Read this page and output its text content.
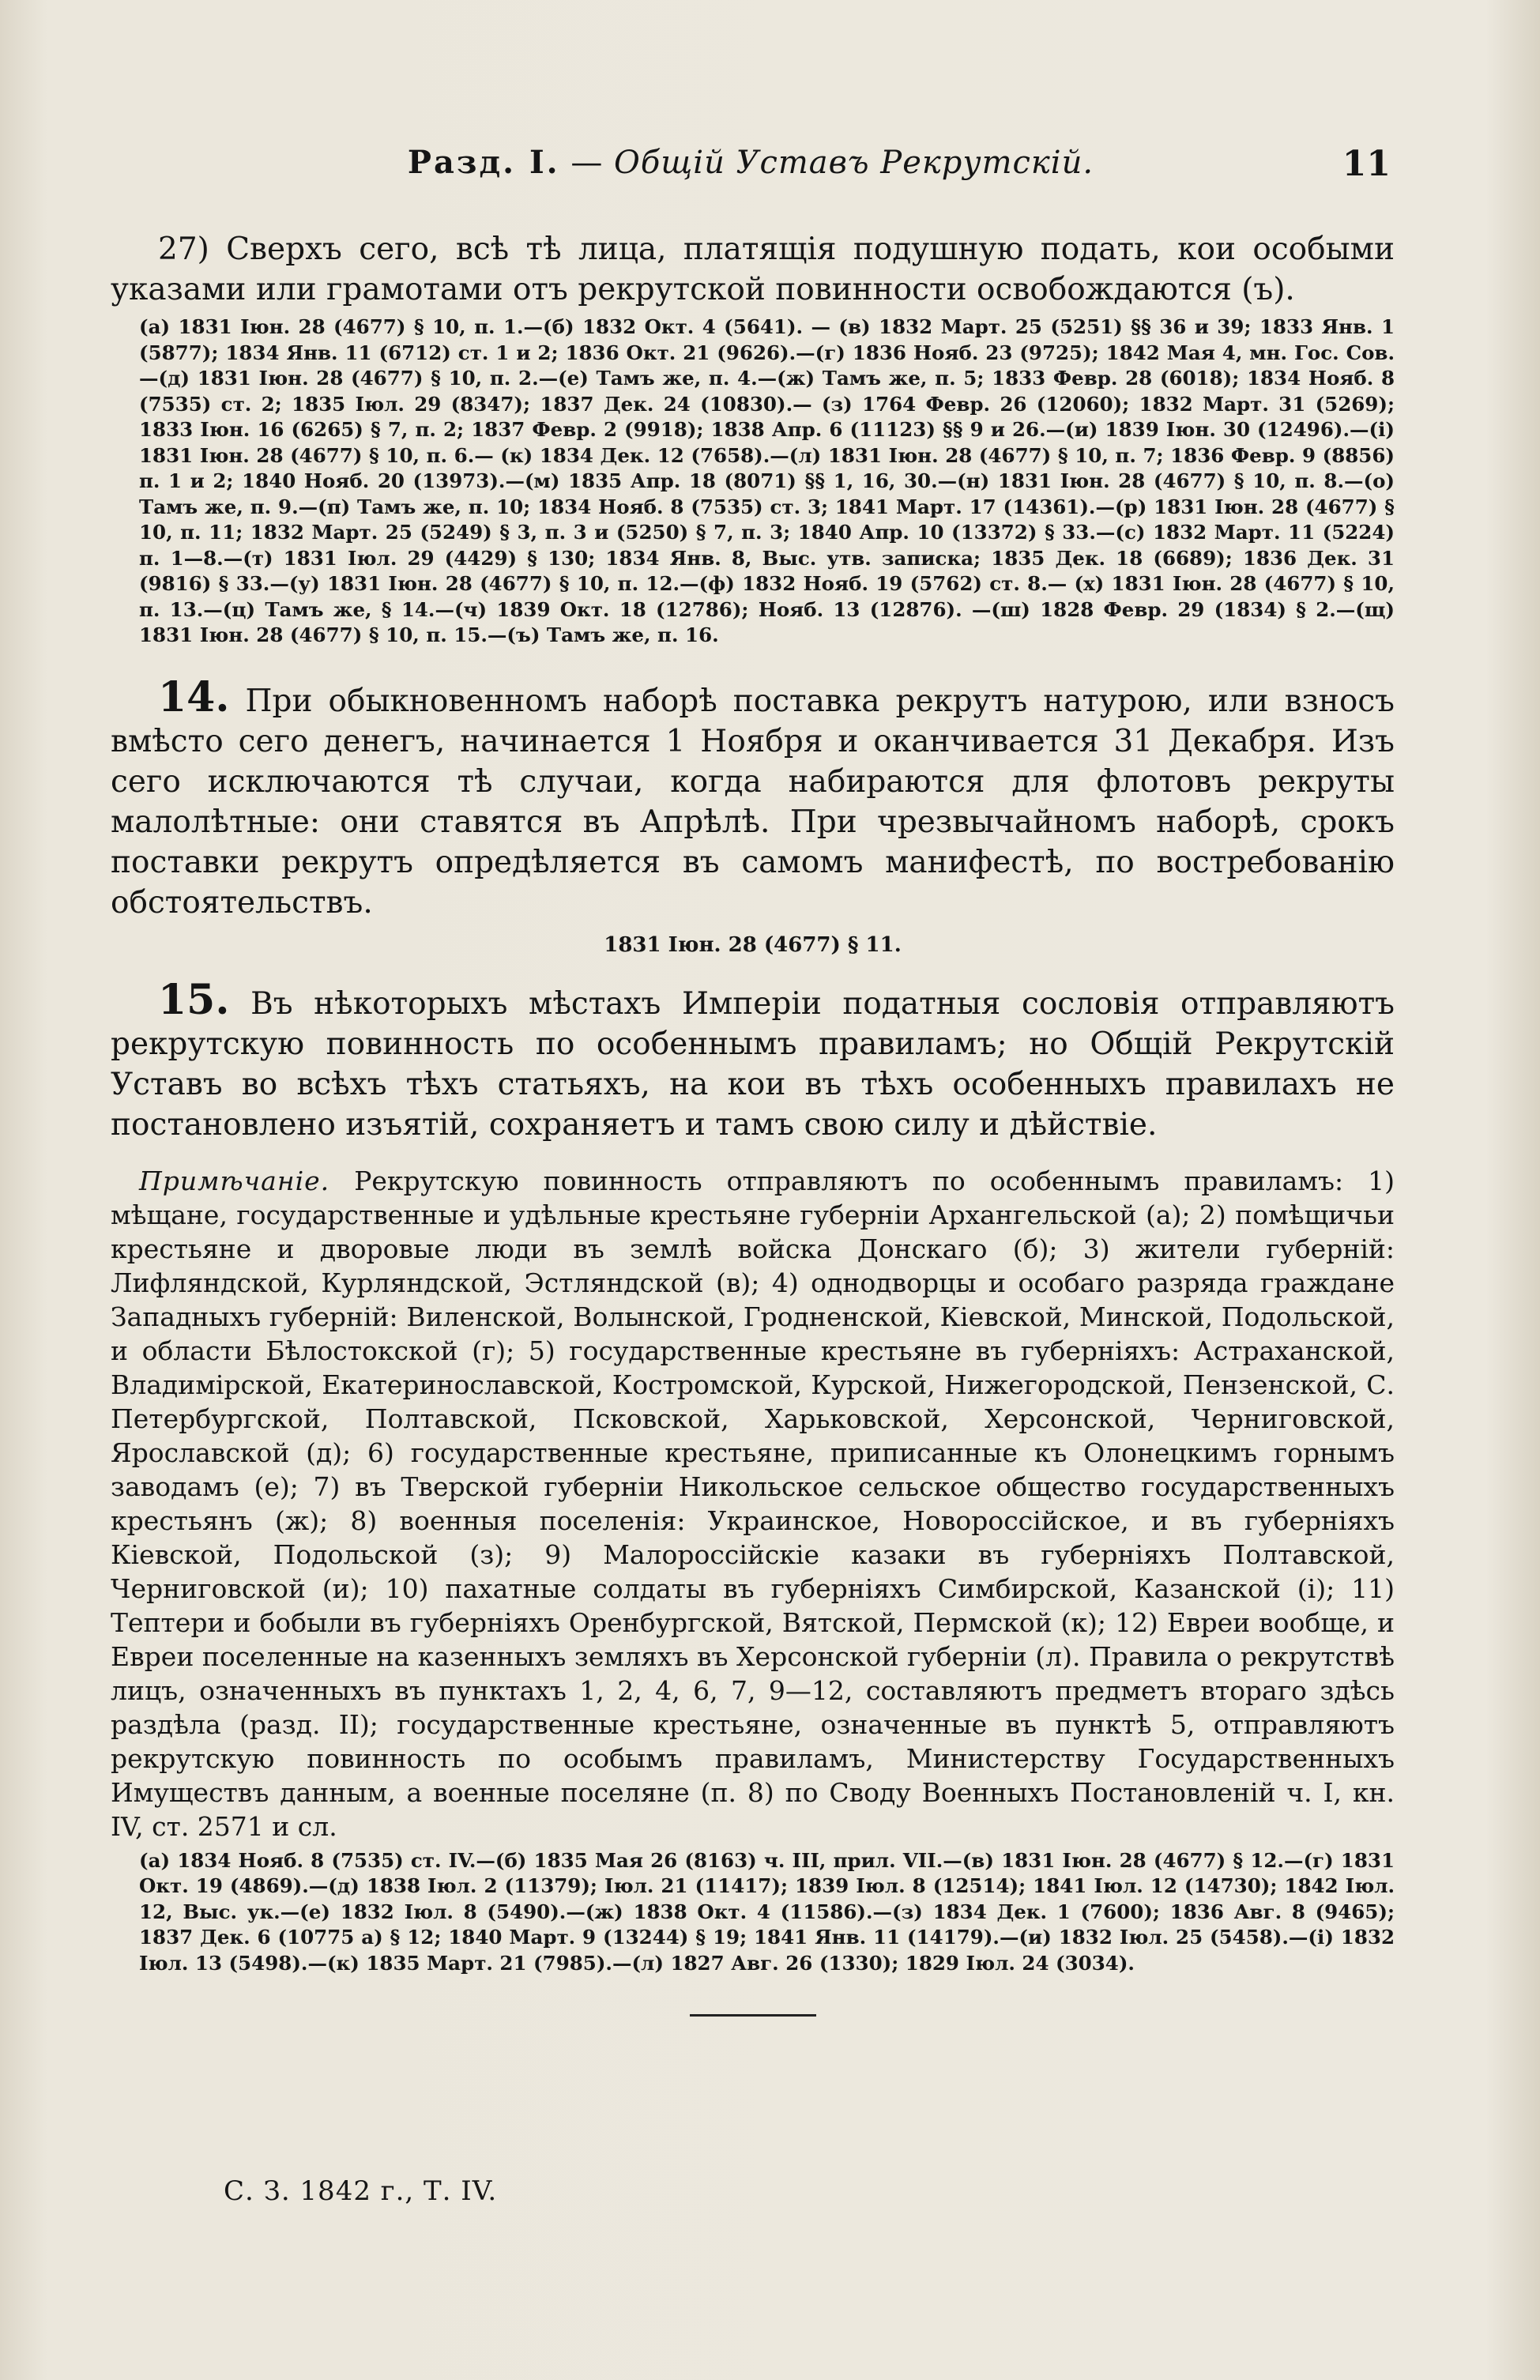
Разд. I. — Общій Уставъ Рекрутскій.	11

27) Сверхъ сего, всѣ тѣ лица, платящія подушную подать, кои особыми указами или грамотами отъ рекрутской повинности освобождаются (ъ).

(а) 1831 Іюн. 28 (4677) § 10, п. 1.—(б) 1832 Окт. 4 (5641). — (в) 1832 Март. 25 (5251) §§ 36 и 39; 1833 Янв. 1 (5877); 1834 Янв. 11 (6712) ст. 1 и 2; 1836 Окт. 21 (9626).—(г) 1836 Нояб. 23 (9725); 1842 Мая 4, мн. Гос. Сов.—(д) 1831 Іюн. 28 (4677) § 10, п. 2.—(е) Тамъ же, п. 4.—(ж) Тамъ же, п. 5; 1833 Февр. 28 (6018); 1834 Нояб. 8 (7535) ст. 2; 1835 Іюл. 29 (8347); 1837 Дек. 24 (10830).— (з) 1764 Февр. 26 (12060); 1832 Март. 31 (5269); 1833 Іюн. 16 (6265) § 7, п. 2; 1837 Февр. 2 (9918); 1838 Апр. 6 (11123) §§ 9 и 26.—(и) 1839 Іюн. 30 (12496).—(і) 1831 Іюн. 28 (4677) § 10, п. 6.— (к) 1834 Дек. 12 (7658).—(л) 1831 Іюн. 28 (4677) § 10, п. 7; 1836 Февр. 9 (8856) п. 1 и 2; 1840 Нояб. 20 (13973).—(м) 1835 Апр. 18 (8071) §§ 1, 16, 30.—(н) 1831 Іюн. 28 (4677) § 10, п. 8.—(о) Тамъ же, п. 9.—(п) Тамъ же, п. 10; 1834 Нояб. 8 (7535) ст. 3; 1841 Март. 17 (14361).—(р) 1831 Іюн. 28 (4677) § 10, п. 11; 1832 Март. 25 (5249) § 3, п. 3 и (5250) § 7, п. 3; 1840 Апр. 10 (13372) § 33.—(с) 1832 Март. 11 (5224) п. 1—8.—(т) 1831 Іюл. 29 (4429) § 130; 1834 Янв. 8, Выс. утв. записка; 1835 Дек. 18 (6689); 1836 Дек. 31 (9816) § 33.—(у) 1831 Іюн. 28 (4677) § 10, п. 12.—(ф) 1832 Нояб. 19 (5762) ст. 8.— (х) 1831 Іюн. 28 (4677) § 10, п. 13.—(ц) Тамъ же, § 14.—(ч) 1839 Окт. 18 (12786); Нояб. 13 (12876). —(ш) 1828 Февр. 29 (1834) § 2.—(щ) 1831 Іюн. 28 (4677) § 10, п. 15.—(ъ) Тамъ же, п. 16.

14. При обыкновенномъ наборѣ поставка рекрутъ натурою, или взносъ вмѣсто сего денегъ, начинается 1 Ноября и оканчивается 31 Декабря. Изъ сего исключаются тѣ случаи, когда набираются для флотовъ рекруты малолѣтные: они ставятся въ Апрѣлѣ. При чрезвычайномъ наборѣ, срокъ поставки рекрутъ опредѣляется въ самомъ манифестѣ, по востребованію обстоятельствъ.

1831 Іюн. 28 (4677) § 11.

15. Въ нѣкоторыхъ мѣстахъ Имперіи податныя сословія отправляютъ рекрутскую повинность по особеннымъ правиламъ; но Общій Рекрутскій Уставъ во всѣхъ тѣхъ статьяхъ, на кои въ тѣхъ особенныхъ правилахъ не постановлено изъятій, сохраняетъ и тамъ свою силу и дѣйствіе.

Примѣчаніе. Рекрутскую повинность отправляютъ по особеннымъ правиламъ: 1) мѣщане, государственные и удѣльные крестьяне губерніи Архангельской (а); 2) помѣщичьи крестьяне и дворовые люди въ землѣ войска Донскаго (б); 3) жители губерній: Лифляндской, Курляндской, Эстляндской (в); 4) однодворцы и особаго разряда граждане Западныхъ губерній: Виленской, Волынской, Гродненской, Кіевской, Минской, Подольской, и области Бѣлостокской (г); 5) государственные крестьяне въ губерніяхъ: Астраханской, Владимірской, Екатеринославской, Костромской, Курской, Нижегородской, Пензенской, С. Петербургской, Полтавской, Псковской, Харьковской, Херсонской, Черниговской, Ярославской (д); 6) государственные крестьяне, приписанные къ Олонецкимъ горнымъ заводамъ (е); 7) въ Тверской губерніи Никольское сельское общество государственныхъ крестьянъ (ж); 8) военныя поселенія: Украинское, Новороссійское, и въ губерніяхъ Кіевской, Подольской (з); 9) Малороссійскіе казаки въ губерніяхъ Полтавской, Черниговской (и); 10) пахатные солдаты въ губерніяхъ Симбирской, Казанской (і); 11) Тептери и бобыли въ губерніяхъ Оренбургской, Вятской, Пермской (к); 12) Евреи вообще, и Евреи поселенные на казенныхъ земляхъ въ Херсонской губерніи (л). Правила о рекрутствѣ лицъ, означенныхъ въ пунктахъ 1, 2, 4, 6, 7, 9—12, составляютъ предметъ втораго здѣсь раздѣла (разд. II); государственные крестьяне, означенные въ пунктѣ 5, отправляютъ рекрутскую повинность по особымъ правиламъ, Министерству Государственныхъ Имуществъ данным, а военные поселяне (п. 8) по Своду Военныхъ Постановленій ч. I, кн. IV, ст. 2571 и сл.

(а) 1834 Нояб. 8 (7535) ст. IV.—(б) 1835 Мая 26 (8163) ч. III, прил. VII.—(в) 1831 Іюн. 28 (4677) § 12.—(г) 1831 Окт. 19 (4869).—(д) 1838 Іюл. 2 (11379); Іюл. 21 (11417); 1839 Іюл. 8 (12514); 1841 Іюл. 12 (14730); 1842 Іюл. 12, Выс. ук.—(е) 1832 Іюл. 8 (5490).—(ж) 1838 Окт. 4 (11586).—(з) 1834 Дек. 1 (7600); 1836 Авг. 8 (9465); 1837 Дек. 6 (10775 а) § 12; 1840 Март. 9 (13244) § 19; 1841 Янв. 11 (14179).—(и) 1832 Іюл. 25 (5458).—(і) 1832 Іюл. 13 (5498).—(к) 1835 Март. 21 (7985).—(л) 1827 Авг. 26 (1330); 1829 Іюл. 24 (3034).

С. З. 1842 г., Т. IV.
